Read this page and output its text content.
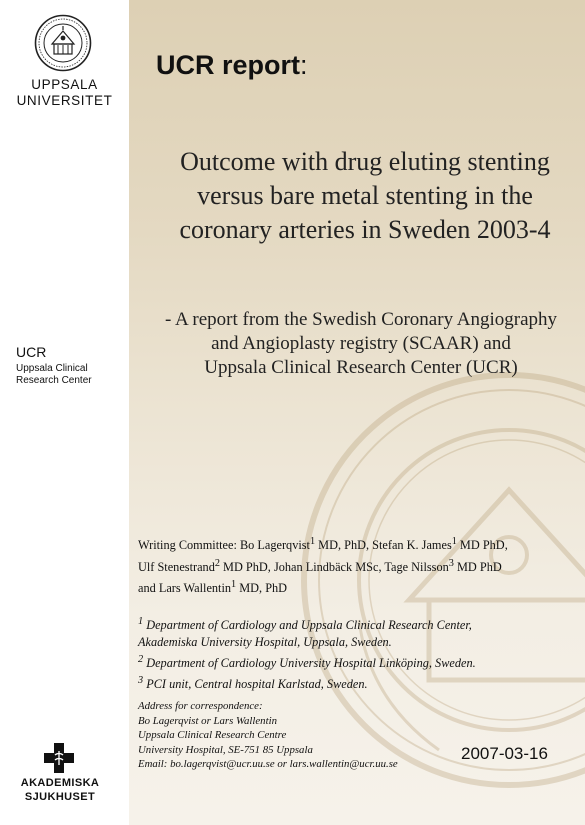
UPPSALA
UNIVERSITET
UCR
Uppsala Clinical
Research Center
AKADEMISKA
SJUKHUSET
UCR report:
Outcome with drug eluting stenting
versus bare metal stenting in the
coronary arteries in Sweden 2003-4
- A report from the Swedish Coronary Angiography
and Angioplasty registry (SCAAR) and
Uppsala Clinical Research Center (UCR)
Writing Committee: Bo Lagerqvist$^1$ MD, PhD, Stefan K. James$^1$ MD PhD,
Ulf Stenestrand$^2$ MD PhD, Johan Lindbäck MSc, Tage Nilsson$^3$ MD PhD
and Lars Wallentin$^1$ MD, PhD

$^1$ Department of Cardiology and Uppsala Clinical Research Center,

Akademiska University Hospital, Uppsala, Sweden.

$^2$ Department of Cardiology University Hospital Linköping, Sweden.

$^3$ PCI unit, Central hospital Karlstad, Sweden.

Address for correspondence:
Bo Lagerqvist or Lars Wallentin
Uppsala Clinical Research Centre
University Hospital, SE-751 85 Uppsala
Email: bo.lagerqvist@ucr.uu.se or lars.wallentin@ucr.uu.se
2007-03-16
